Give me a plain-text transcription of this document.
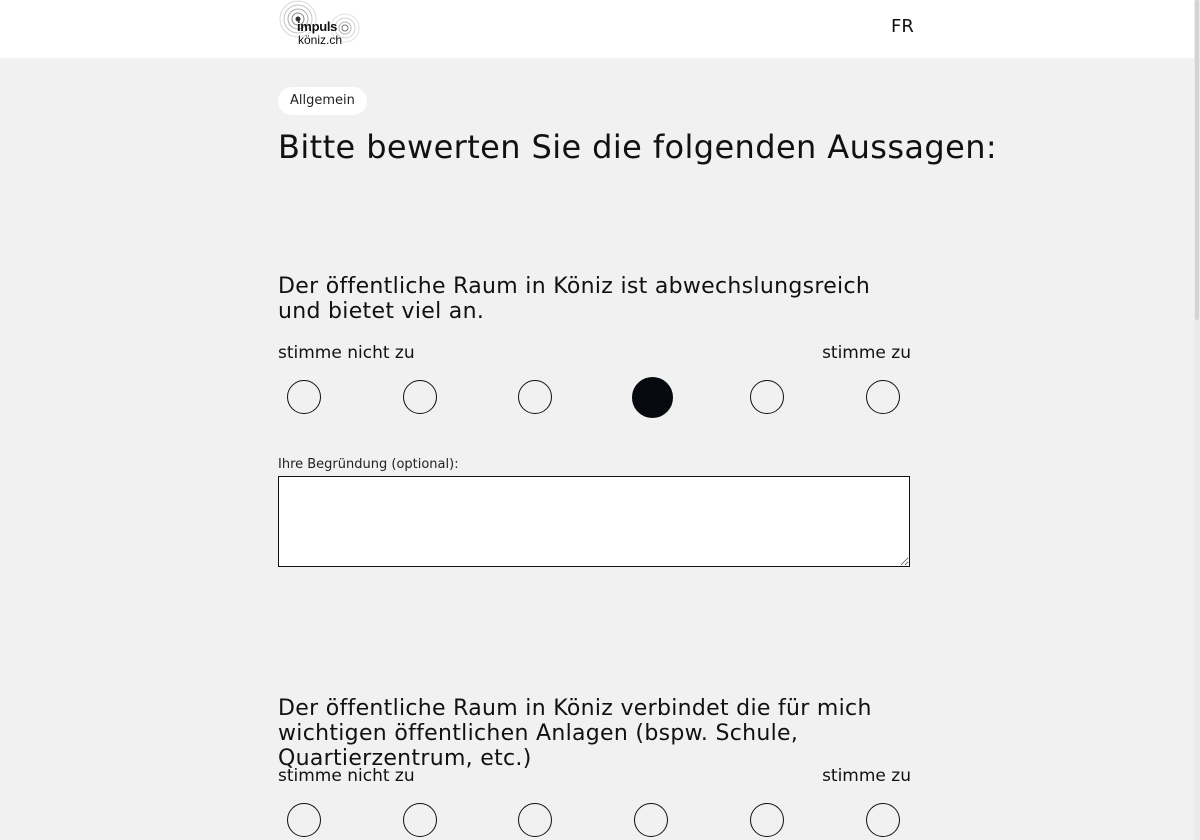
impuls
köniz.ch
FR
Allgemein
Bitte bewerten Sie die folgenden Aussagen:

Der öffentliche Raum in Köniz ist abwechslungsreich und bietet viel an.

stimme nicht zu	stimme zu
Ihre Begründung (optional):

Der öffentliche Raum in Köniz verbindet die für mich wichtigen öffentlichen Anlagen (bspw. Schule, Quartierzentrum, etc.)

stimme nicht zu	stimme zu
